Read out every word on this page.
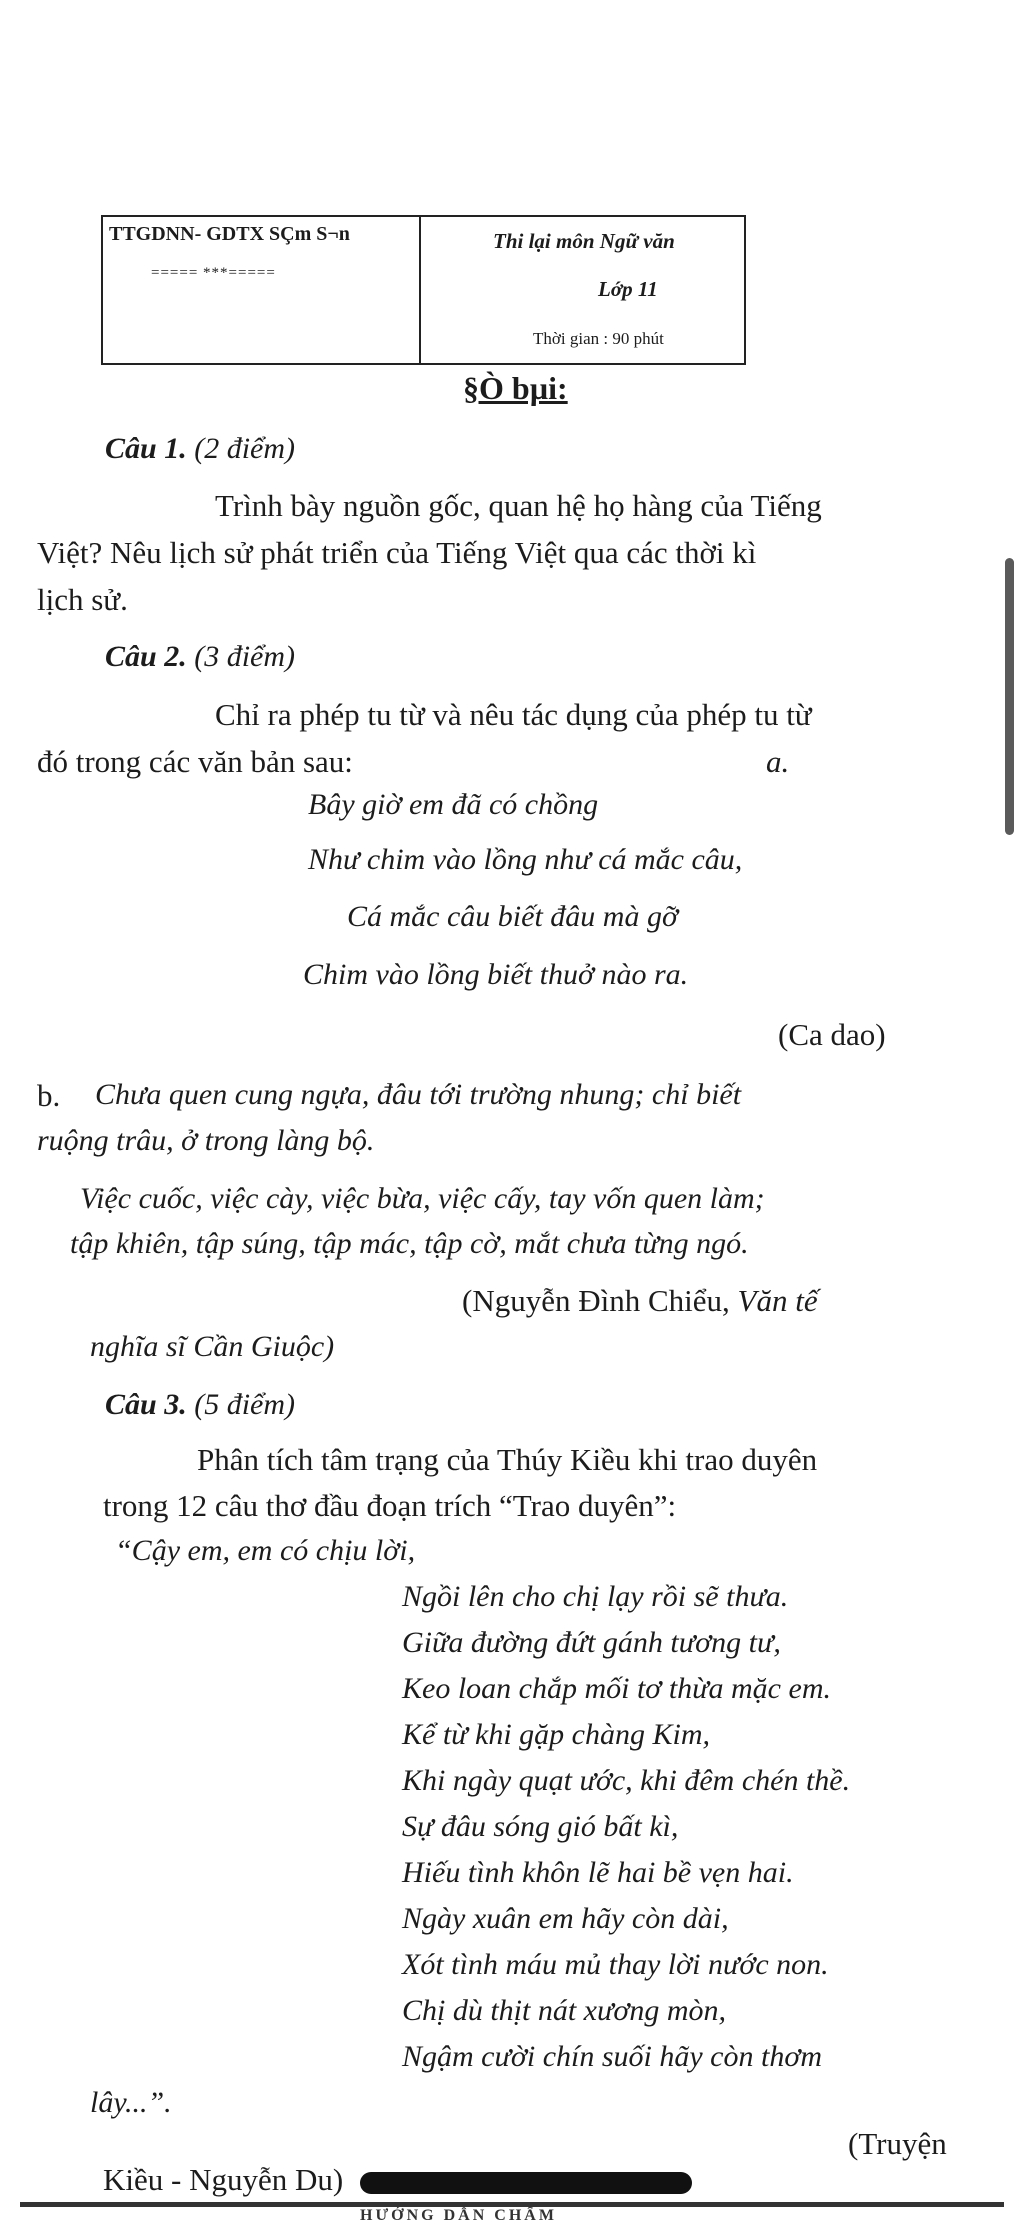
TTGDNN- GDTX SÇm S¬n
===== ***=====
Thi lại môn Ngữ văn
Lớp 11
Thời gian : 90 phút
§Ò bµi:
Câu 1. (2 điểm)
Trình bày nguồn gốc, quan hệ họ hàng của Tiếng
Việt? Nêu lịch sử phát triển của Tiếng Việt qua các thời kì
lịch sử.
Câu 2. (3 điểm)
Chỉ ra phép tu từ và nêu tác dụng của phép tu từ
đó trong các văn bản sau:	a.
Bây giờ em đã có chồng
Như chim vào lồng như cá mắc câu,
Cá mắc câu biết đâu mà gỡ
Chim vào lồng biết thuở nào ra.
(Ca dao)
b. Chưa quen cung ngựa, đâu tới trường nhung; chỉ biết
ruộng trâu, ở trong làng bộ.
Việc cuốc, việc cày, việc bừa, việc cấy, tay vốn quen làm;
tập khiên, tập súng, tập mác, tập cờ, mắt chưa từng ngó.
(Nguyễn Đình Chiểu, Văn tế
nghĩa sĩ Cần Giuộc)
Câu 3. (5 điểm)
Phân tích tâm trạng của Thúy Kiều khi trao duyên
trong 12 câu thơ đầu đoạn trích “Trao duyên”:
“Cậy em, em có chịu lời,
Ngồi lên cho chị lạy rồi sẽ thưa.
Giữa đường đứt gánh tương tư,
Keo loan chắp mối tơ thừa mặc em.
Kể từ khi gặp chàng Kim,
Khi ngày quạt ước, khi đêm chén thề.
Sự đâu sóng gió bất kì,
Hiếu tình khôn lẽ hai bề vẹn hai.
Ngày xuân em hãy còn dài,
Xót tình máu mủ thay lời nước non.
Chị dù thịt nát xương mòn,
Ngậm cười chín suối hãy còn thơm
lây...”.
(Truyện
Kiều - Nguyễn Du)
HƯỚNG DẪN CHẤM
